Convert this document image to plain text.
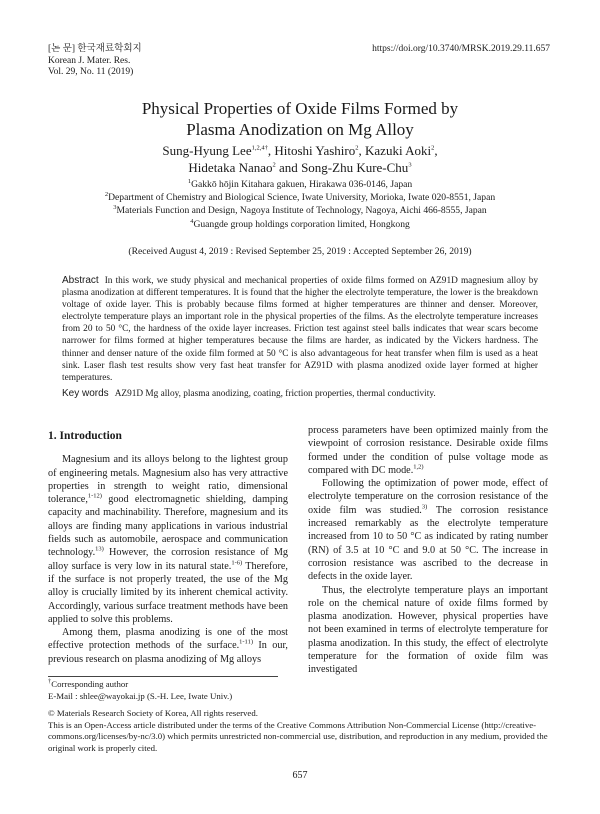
[논 문] 한국재료학회지
Korean J. Mater. Res.
Vol. 29, No. 11 (2019)
https://doi.org/10.3740/MRSK.2019.29.11.657
Physical Properties of Oxide Films Formed by
Plasma Anodization on Mg Alloy
Sung-Hyung Lee$^{1,2,4\dagger}$, Hitoshi Yashiro$^2$, Kazuki Aoki$^2$,
Hidetaka Nanao$^2$ and Song-Zhu Kure-Chu$^3$
$^1$Gakkō hōjin Kitahara gakuen, Hirakawa 036-0146, Japan
$^2$Department of Chemistry and Biological Science, Iwate University, Morioka, Iwate 020-8551, Japan
$^3$Materials Function and Design, Nagoya Institute of Technology, Nagoya, Aichi 466-8555, Japan
$^4$Guangde group holdings corporation limited, Hongkong
(Received August 4, 2019 : Revised September 25, 2019 : Accepted September 26, 2019)
Abstract In this work, we study physical and mechanical properties of oxide films formed on AZ91D magnesium alloy by plasma anodization at different temperatures. It is found that the higher the electrolyte temperature, the lower is the breakdown voltage of oxide layer. This is probably because films formed at higher temperatures are thinner and denser. Moreover, electrolyte temperature plays an important role in the physical properties of the films. As the electrolyte temperature increases from 20 to 50 °C, the hardness of the oxide layer increases. Friction test against steel balls indicates that wear scars become narrower for films formed at higher temperatures because the films are harder, as indicated by the Vickers hardness. The thinner and denser nature of the oxide film formed at 50 °C is also advantageous for heat transfer when film is used as a heat sink. Laser flash test results show very fast heat transfer for AZ91D with plasma anodized oxide layer formed at higher temperatures.
Key words AZ91D Mg alloy, plasma anodizing, coating, friction properties, thermal conductivity.
1. Introduction

Magnesium and its alloys belong to the lightest group of engineering metals. Magnesium also has very attractive properties in strength to weight ratio, dimensional tolerance,$^{1-12)}$ good electromagnetic shielding, damping capacity and machinability. Therefore, magnesium and its alloys are finding many applications in various industrial fields such as automobile, aerospace and communication technology.$^{13)}$ However, the corrosion resistance of Mg alloy surface is very low in its natural state.$^{1-6)}$ Therefore, if the surface is not properly treated, the use of the Mg alloy is crucially limited by its inherent chemical activity. Accordingly, various surface treatment methods have been applied to solve this problems.

Among them, plasma anodizing is one of the most effective protection methods of the surface.$^{1-11)}$ In our, previous research on plasma anodizing of Mg alloys

process parameters have been optimized mainly from the viewpoint of corrosion resistance. Desirable oxide films formed under the condition of pulse voltage mode as compared with DC mode.$^{1,2)}$

Following the optimization of power mode, effect of electrolyte temperature on the corrosion resistance of the oxide film was studied.$^{3)}$ The corrosion resistance increased remarkably as the electrolyte temperature increased from 10 to 50 °C as indicated by rating number (RN) of 3.5 at 10 °C and 9.0 at 50 °C. The increase in corrosion resistance was ascribed to the decrease in defects in the oxide layer.

Thus, the electrolyte temperature plays an important role on the chemical nature of oxide films formed by plasma anodization. However, physical properties have not been examined in terms of electrolyte temperature for plasma anodization. In this study, the effect of electrolyte temperature for the formation of oxide film was investigated

†Corresponding author
E-Mail : shlee@wayokai.jp (S.-H. Lee, Iwate Univ.)
© Materials Research Society of Korea, All rights reserved.
This is an Open-Access article distributed under the terms of the Creative Commons Attribution Non-Commercial License (http://creative-commons.org/licenses/by-nc/3.0) which permits unrestricted non-commercial use, distribution, and reproduction in any medium, provided the original work is properly cited.
657
